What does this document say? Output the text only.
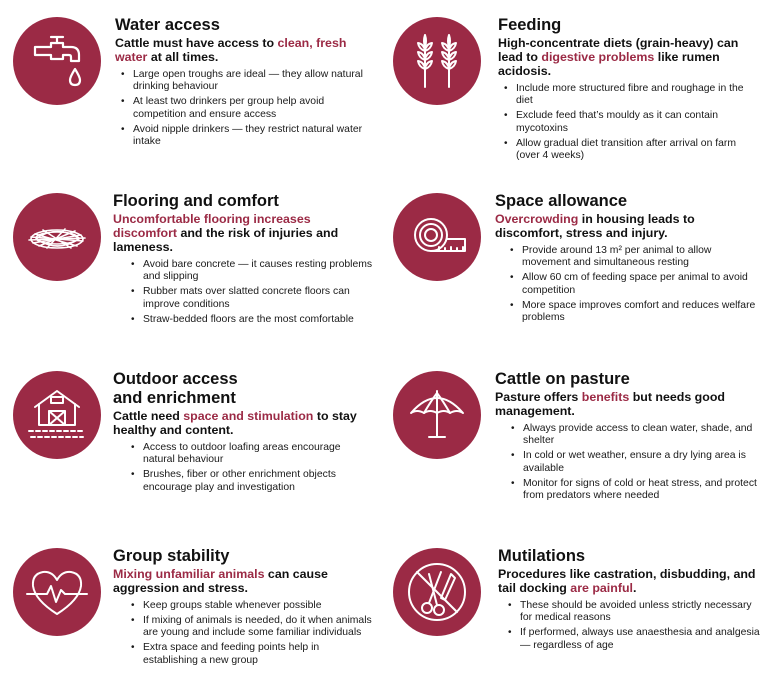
Water access

Cattle must have access to clean, fresh water at all times.

• Large open troughs are ideal — they allow natural drinking behaviour
• At least two drinkers per group help avoid competition and ensure access
• Avoid nipple drinkers — they restrict natural water intake
Feeding

High-concentrate diets (grain-heavy) can lead to digestive problems like rumen acidosis.

• Include more structured fibre and roughage in the diet
• Exclude feed that’s mouldy as it can contain mycotoxins
• Allow gradual diet transition after arrival on farm (over 4 weeks)
Flooring and comfort

Uncomfortable flooring increases discomfort and the risk of injuries and lameness.

• Avoid bare concrete — it causes resting problems and slipping
• Rubber mats over slatted concrete floors can improve conditions
• Straw-bedded floors are the most comfortable
Space allowance

Overcrowding in housing leads to discomfort, stress and injury.

• Provide around 13 m² per animal to allow movement and simultaneous resting
• Allow 60 cm of feeding space per animal to avoid competition
• More space improves comfort and reduces welfare problems
Outdoor access and enrichment

Cattle need space and stimulation to stay healthy and content.

• Access to outdoor loafing areas encourage natural behaviour
• Brushes, fiber or other enrichment objects encourage play and investigation
Cattle on pasture

Pasture offers benefits but needs good management.

• Always provide access to clean water, shade, and shelter
• In cold or wet weather, ensure a dry lying area is available
• Monitor for signs of cold or heat stress, and protect from predators where needed
Group stability

Mixing unfamiliar animals can cause aggression and stress.

• Keep groups stable whenever possible
• If mixing of animals is needed, do it when animals are young and include some familiar individuals
• Extra space and feeding points help in establishing a new group
Mutilations

Procedures like castration, disbudding, and tail docking are painful.

• These should be avoided unless strictly necessary for medical reasons
• If performed, always use anaesthesia and analgesia — regardless of age
